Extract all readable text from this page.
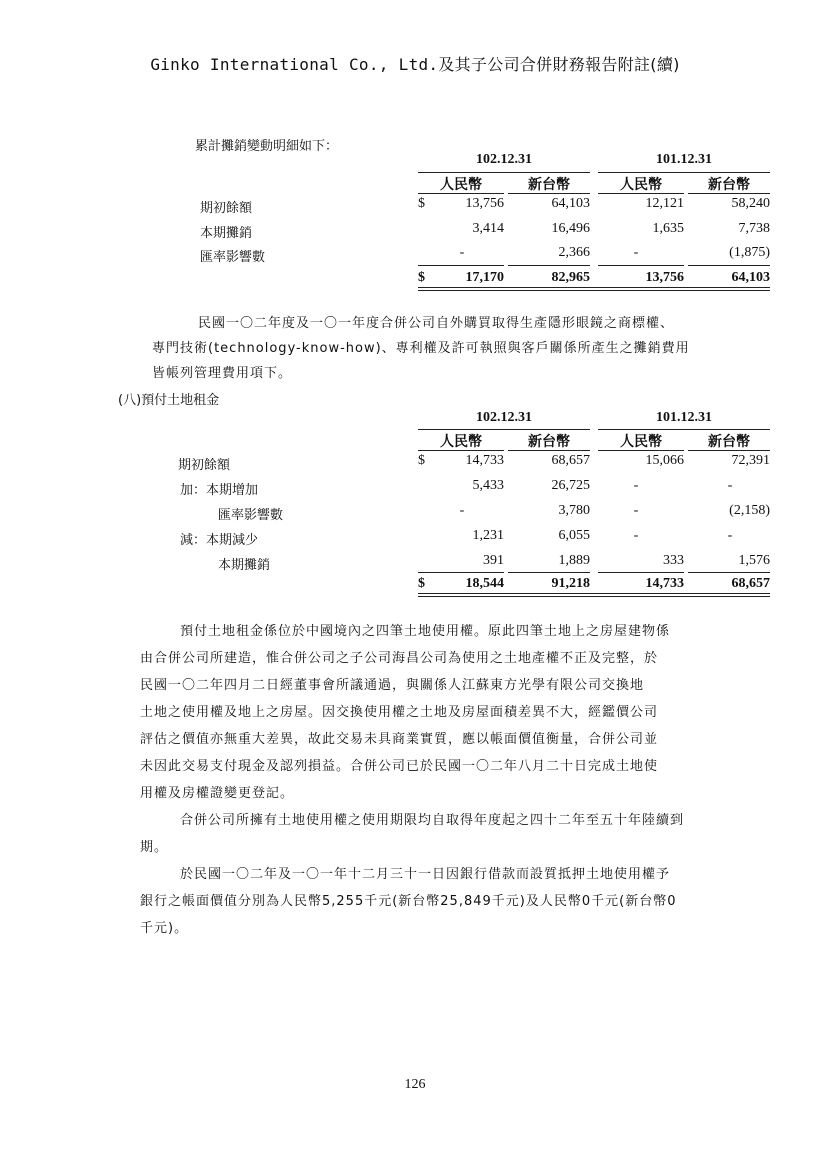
Ginko International Co., Ltd.及其子公司合併財務報告附註(續)
累計攤銷變動明細如下：
102.12.31	101.12.31
人民幣	新台幣	人民幣	新台幣
期初餘額	$	13,756	64,103	12,121	58,240
本期攤銷	3,414	16,496	1,635	7,738
匯率影響數	-	2,366	-	(1,875)
$	17,170	82,965	13,756	64,103
民國一〇二年度及一〇一年度合併公司自外購買取得生產隱形眼鏡之商標權、
專門技術(technology-know-how)、專利權及許可執照與客戶關係所產生之攤銷費用
皆帳列管理費用項下。
(八)預付土地租金
102.12.31	101.12.31
人民幣	新台幣	人民幣	新台幣
期初餘額	$	14,733	68,657	15,066	72,391
加：本期增加	5,433	26,725	-	-
匯率影響數	-	3,780	-	(2,158)
減：本期減少	1,231	6,055	-	-
本期攤銷	391	1,889	333	1,576
$	18,544	91,218	14,733	68,657
預付土地租金係位於中國境內之四筆土地使用權。原此四筆土地上之房屋建物係
由合併公司所建造，惟合併公司之子公司海昌公司為使用之土地產權不正及完整，於
民國一〇二年四月二日經董事會所議通過，與關係人江蘇東方光學有限公司交換地
土地之使用權及地上之房屋。因交換使用權之土地及房屋面積差異不大，經鑑價公司
評估之價值亦無重大差異，故此交易未具商業實質，應以帳面價值衡量，合併公司並
未因此交易支付現金及認列損益。合併公司已於民國一〇二年八月二十日完成土地使
用權及房權證變更登記。
合併公司所擁有土地使用權之使用期限均自取得年度起之四十二年至五十年陸續到
期。
於民國一〇二年及一〇一年十二月三十一日因銀行借款而設質抵押土地使用權予
銀行之帳面價值分別為人民幣5,255千元(新台幣25,849千元)及人民幣0千元(新台幣0
千元)。
126
